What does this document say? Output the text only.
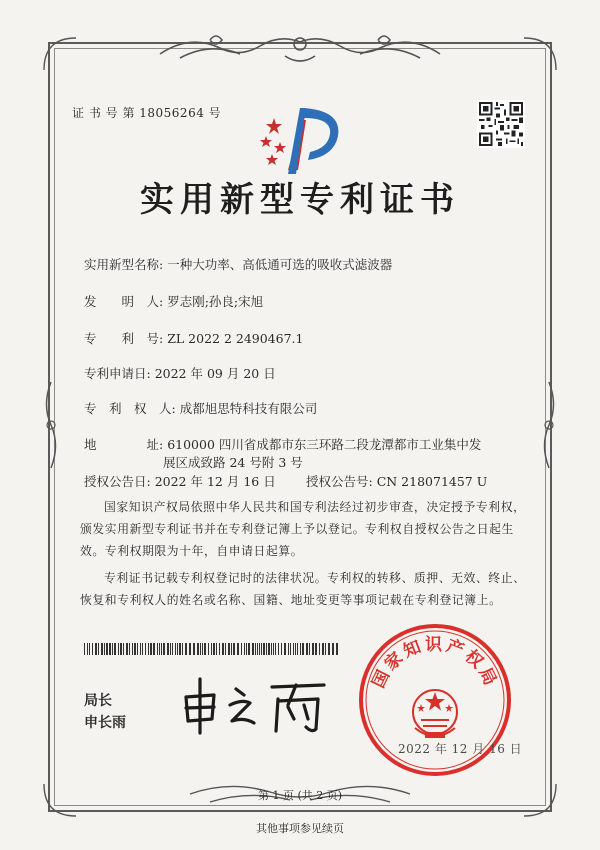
证 书 号 第 18056264 号
实用新型专利证书
实用新型名称: 一种大功率、高低通可选的吸收式滤波器
发　　明　人: 罗志刚;孙良;宋旭
专　　利　号: ZL 2022 2 2490467.1
专利申请日: 2022 年 09 月 20 日
专　利　权　人: 成都旭思特科技有限公司
地　　　　址: 610000 四川省成都市东三环路二段龙潭都市工业集中发
展区成致路 24 号附 3 号
授权公告日: 2022 年 12 月 16 日 授权公告号: CN 218071457 U
国家知识产权局依照中华人民共和国专利法经过初步审查，决定授予专利权，颁发实用新型专利证书并在专利登记簿上予以登记。专利权自授权公告之日起生效。专利权期限为十年，自申请日起算。
专利证书记载专利权登记时的法律状况。专利权的转移、质押、无效、终止、恢复和专利权人的姓名或名称、国籍、地址变更等事项记载在专利登记簿上。
局长
申长雨
国家知识产权局
2022 年 12 月 16 日
第 1 页 (共 2 页)
其他事项参见续页
